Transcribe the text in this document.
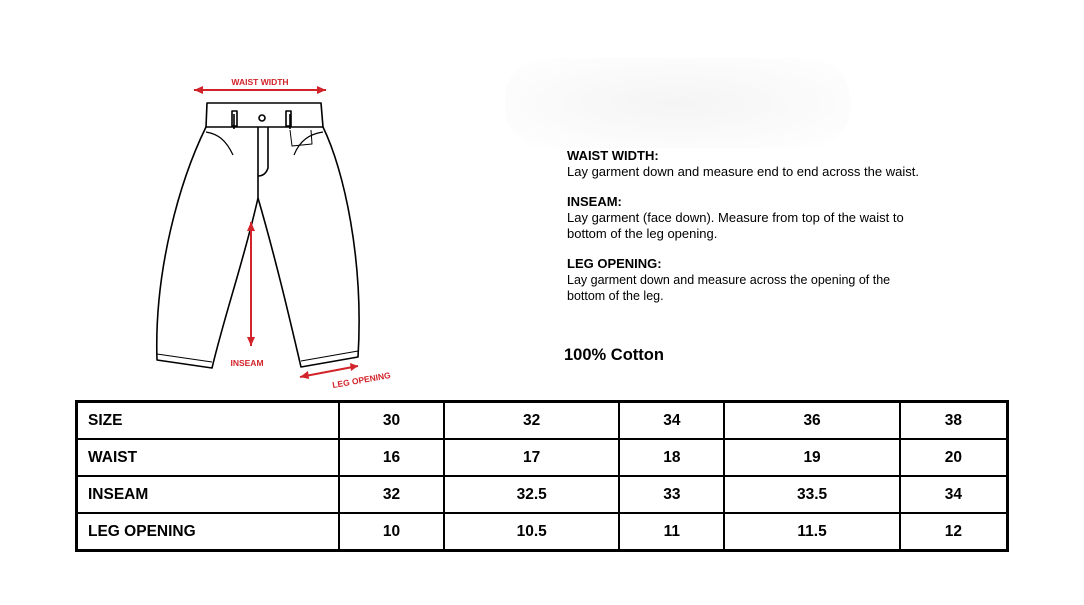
WAIST WIDTH
INSEAM
LEG OPENING
WAIST WIDTH:
Lay garment down and measure end to end across the waist.
INSEAM:
Lay garment (face down). Measure from top of the waist to bottom of the leg opening.
LEG OPENING:
Lay garment down and measure across the opening of the bottom of the leg.
100% Cotton
SIZE	30	32	34	36	38
WAIST	16	17	18	19	20
INSEAM	32	32.5	33	33.5	34
LEG OPENING	10	10.5	11	11.5	12
